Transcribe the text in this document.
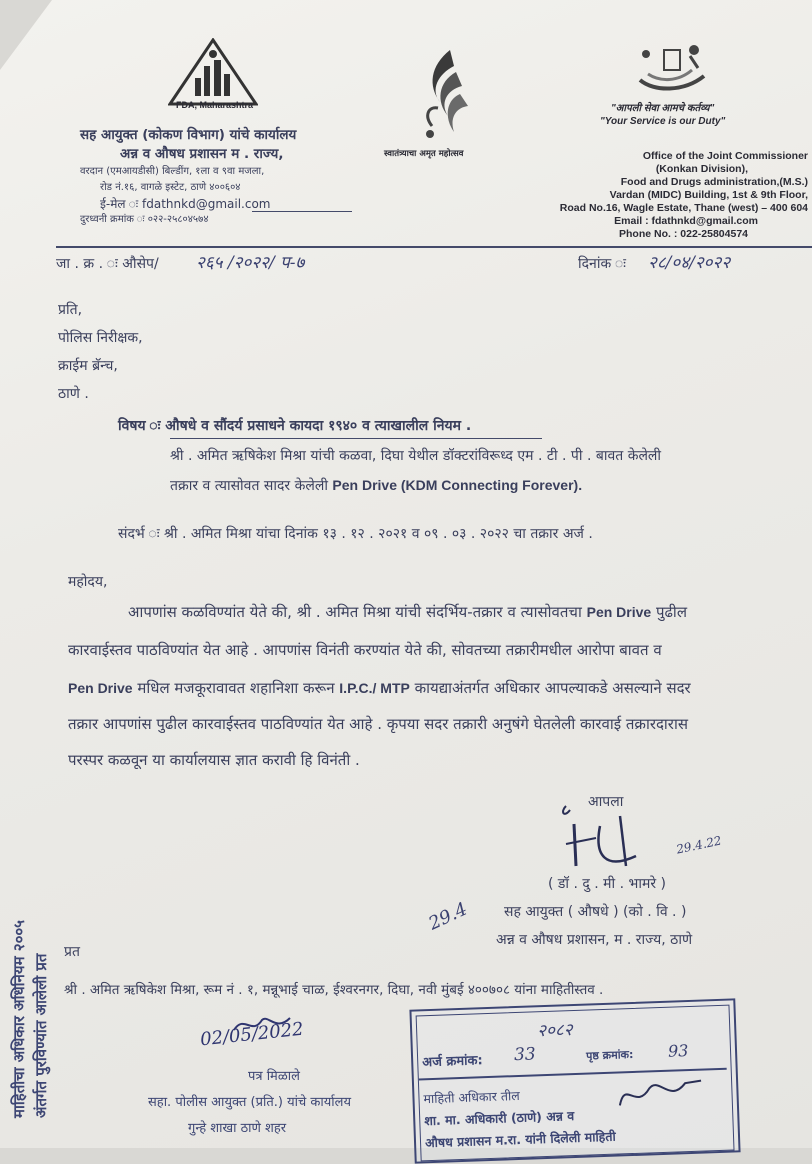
FDA, Maharashtra
सह आयुक्त (कोकण विभाग) यांचे कार्यालय
अन्न व औषध प्रशासन म . राज्य,
वरदान (एमआयडीसी) बिल्डींग, १ला व ९वा मजला,
रोड नं.१६, वागळे इस्टेट, ठाणे ४००६०४
ई-मेल ः fdathnkd@gmail.com
दुरध्वनी क्रमांक ः ०२२-२५८०४५७४
स्वातंत्र्याचा अमृत महोत्सव
"आपली सेवा आमचे कर्तव्य"
"Your Service is our Duty"
Office of the Joint Commissioner
(Konkan Division),
Food and Drugs administration,(M.S.)
Vardan (MIDC) Building, 1st & 9th Floor,
Road No.16, Wagle Estate, Thane (west) – 400 604
Email : fdathnkd@gmail.com
Phone No. : 022-25804574
जा . क्र . ः औसेप/ २६५ /२०२२/ प-७	दिनांक ः २८/०४/२०२२
प्रति,
पोलिस निरीक्षक,
क्राईम ब्रॅन्च,
ठाणे .
विषय ः औषधे व सौंदर्य प्रसाधने कायदा १९४० व त्याखालील नियम .
श्री . अमित ऋषिकेश मिश्रा यांची कळवा, दिघा येथील डॉक्टरांविरूध्द एम . टी . पी . बावत केलेली
तक्रार व त्यासोवत सादर केलेली Pen Drive (KDM Connecting Forever).
संदर्भ ः श्री . अमित मिश्रा यांचा दिनांक १३ . १२ . २०२१ व ०९ . ०३ . २०२२ चा तक्रार अर्ज .
महोदय,
आपणांस कळविण्यांत येते की, श्री . अमित मिश्रा यांची संदर्भिय-तक्रार व त्यासोवतचा Pen Drive पुढील
कारवाईस्तव पाठविण्यांत येत आहे . आपणांस विनंती करण्यांत येते की, सोवतच्या तक्रारीमधील आरोपा बावत व
Pen Drive मधिल मजकूरावावत शहानिशा करून I.P.C./ MTP कायद्याअंतर्गत अधिकार आपल्याकडे असल्याने सदर
तक्रार आपणांस पुढील कारवाईस्तव पाठविण्यांत येत आहे . कृपया सदर तक्रारी अनुषंगे घेतलेली कारवाई तक्रारदारास
परस्पर कळवून या कार्यालयास ज्ञात करावी हि विनंती .
आपला
29.4.22
( डॉ . दु . मी . भामरे )
सह आयुक्त ( औषधे ) (को . वि . )
अन्न व औषध प्रशासन, म . राज्य, ठाणे
29.4
प्रत
श्री . अमित ऋषिकेश मिश्रा, रूम नं . १, मन्नूभाई चाळ, ईश्वरनगर, दिघा, नवी मुंबई ४००७०८ यांना माहितीस्तव .
02/05/2022
पत्र मिळाले
सहा. पोलीस आयुक्त (प्रति.) यांचे कार्यालय
गुन्हे शाखा ठाणे शहर
२०८२
अर्ज क्रमांक: 33	पृष्ठ क्रमांक: 93
माहिती अधिकार तील
शा. मा. अधिकारी (ठाणे) अन्न व
औषध प्रशासन म.रा. यांनी दिलेली माहिती
माहितीचा अधिकार अधिनियम २००५ अंतर्गत पुरविण्यांत आलेली प्रत
